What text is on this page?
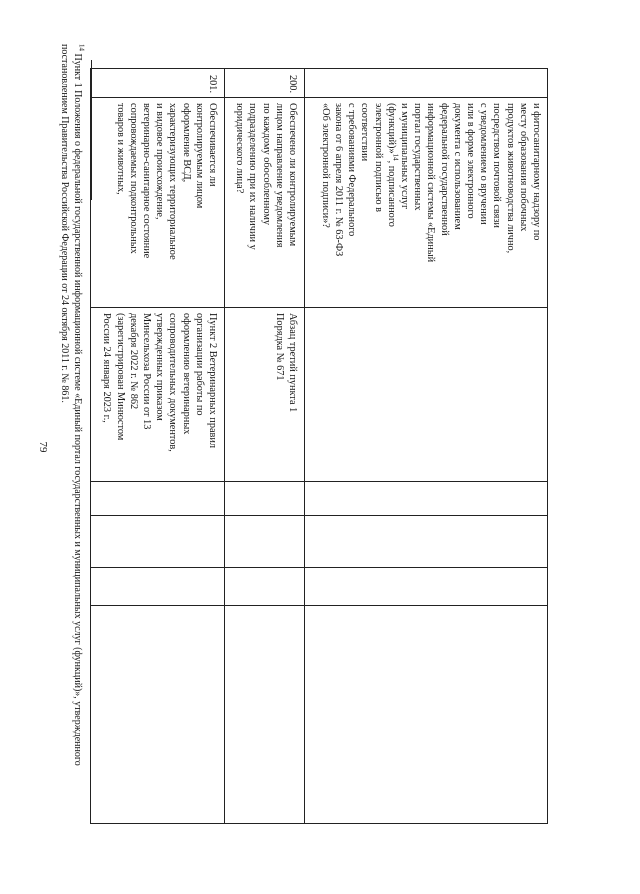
79
и фитосанитарному надзору по
месту образования побочных
продуктов животноводства лично,
посредством почтовой связи
с уведомлением о вручении
или в форме электронного
документа с использованием
федеральной государственной
информационной системы «Единый
портал государственных
и муниципальных услуг
(функций)»$^{14}$, подписанного
электронной подписью в
соответствии
с требованиями Федерального
закона от 6 апреля 2011 г. № 63-ФЗ
«Об электронной подписи»?
200.
Обеспечено ли контролируемым
лицом направление уведомления
по каждому обособленному
подразделению при их наличии у
юридического лица?
Абзац третий пункта 1
Порядка № 671
201.
Обеспечивается ли
контролируемым лицом
оформление ВСД,
характеризующих территориальное
и видовое происхождение,
ветеринарно-санитарное состояние
сопровождаемых подконтрольных
товаров и животных,
Пункт 2 Ветеринарных правил
организации работы по
оформлению ветеринарных
сопроводительных документов,
утвержденных приказом
Минсельхоза России от 13
декабря 2022 г. № 862
(зарегистрирован Минюстом
России 24 января 2023 г.,
$^{14}$ Пункт 1 Положения о федеральной государственной информационной системе «Единый портал государственных и муниципальных услуг (функций)», утвержденного
постановлением Правительства Российской Федерации от 24 октября 2011 г. № 861.
